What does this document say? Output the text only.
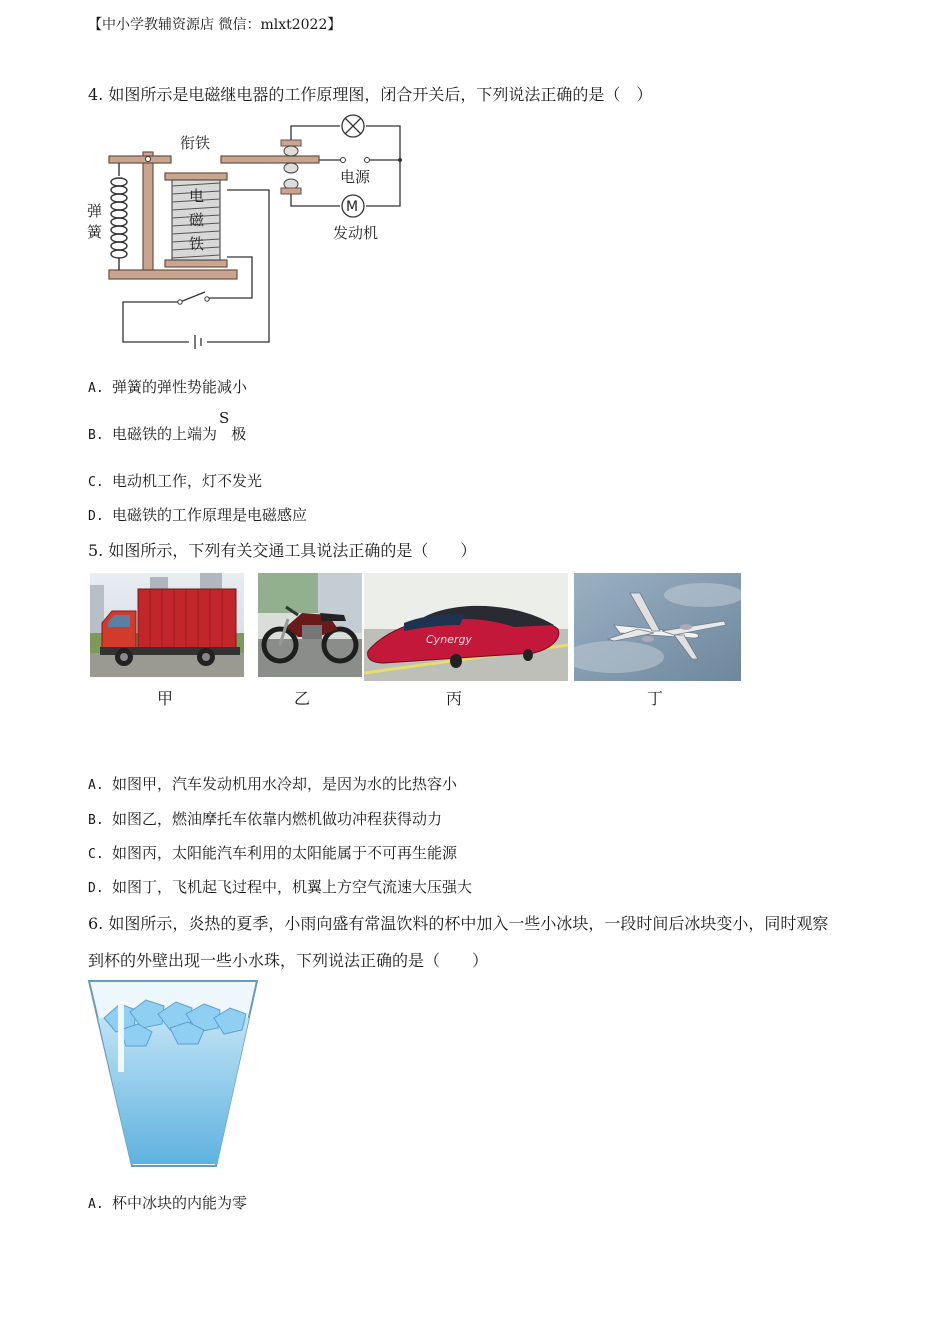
【中小学教辅资源店 微信：mlxt2022】
4. 如图所示是电磁继电器的工作原理图，闭合开关后，下列说法正确的是（　）
电
磁
铁
M
衔铁
电源
发动机
弹
簧
A. 弹簧的弹性势能减小
B. 电磁铁的上端为S极
C. 电动机工作，灯不发光
D. 电磁铁的工作原理是电磁感应
5. 如图所示，下列有关交通工具说法正确的是（　　）
Cynergy
甲	乙	丙	丁
A. 如图甲，汽车发动机用水冷却，是因为水的比热容小
B. 如图乙，燃油摩托车依靠内燃机做功冲程获得动力
C. 如图丙，太阳能汽车利用的太阳能属于不可再生能源
D. 如图丁，飞机起飞过程中，机翼上方空气流速大压强大
6. 如图所示，炎热的夏季，小雨向盛有常温饮料的杯中加入一些小冰块，一段时间后冰块变小，同时观察
到杯的外壁出现一些小水珠，下列说法正确的是（　　）
A. 杯中冰块的内能为零
